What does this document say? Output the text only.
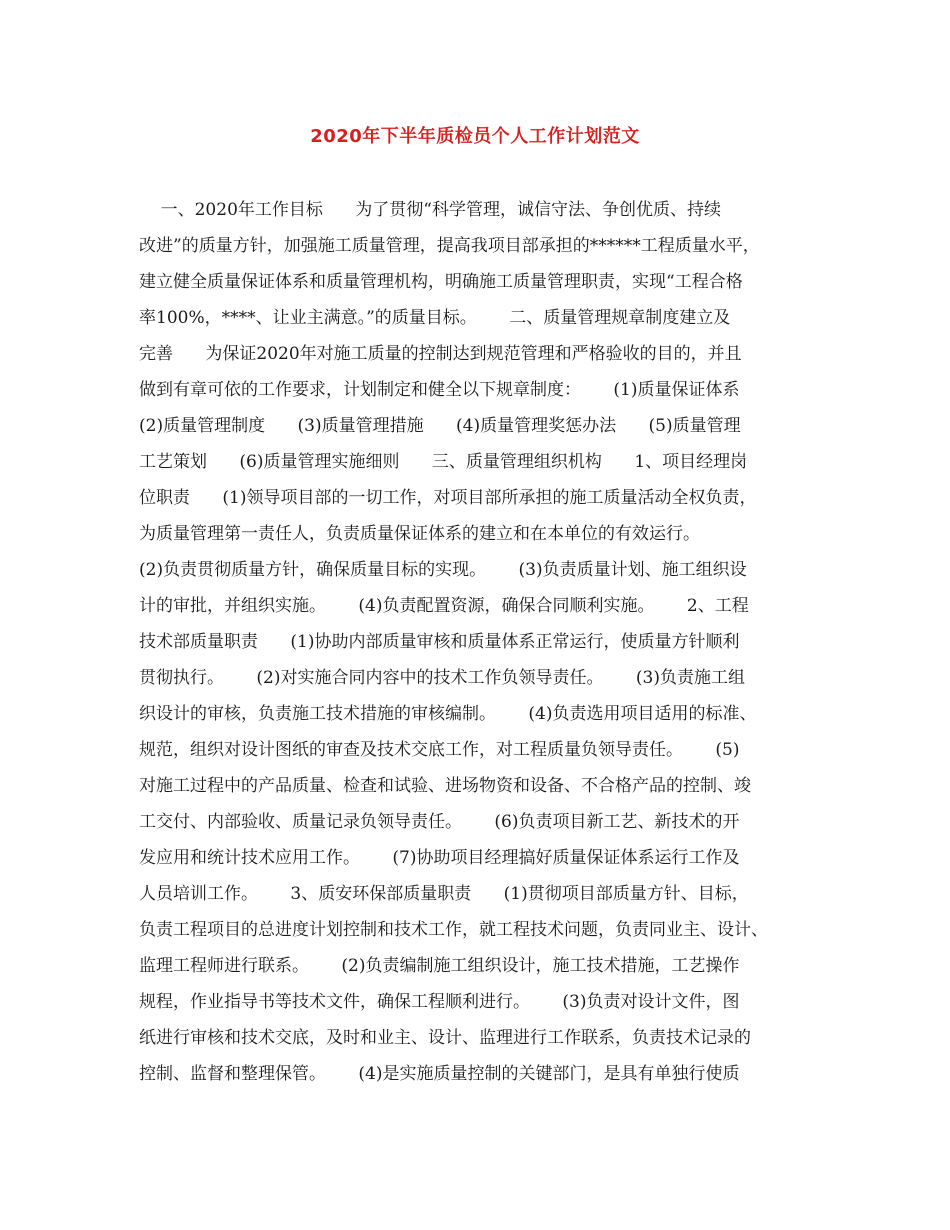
2020年下半年质检员个人工作计划范文
一、2020年工作目标      为了贯彻“科学管理，诚信守法、争创优质、持续
改进”的质量方针，加强施工质量管理，提高我项目部承担的******工程质量水平，
建立健全质量保证体系和质量管理机构，明确施工质量管理职责，实现“工程合格
率100%，****、让业主满意。”的质量目标。      二、质量管理规章制度建立及
完善      为保证2020年对施工质量的控制达到规范管理和严格验收的目的，并且
做到有章可依的工作要求，计划制定和健全以下规章制度：      (1)质量保证体系
(2)质量管理制度      (3)质量管理措施      (4)质量管理奖惩办法      (5)质量管理
工艺策划      (6)质量管理实施细则      三、质量管理组织机构      1、项目经理岗
位职责      (1)领导项目部的一切工作，对项目部所承担的施工质量活动全权负责，
为质量管理第一责任人，负责质量保证体系的建立和在本单位的有效运行。
(2)负责贯彻质量方针，确保质量目标的实现。      (3)负责质量计划、施工组织设
计的审批，并组织实施。      (4)负责配置资源，确保合同顺利实施。      2、工程
技术部质量职责      (1)协助内部质量审核和质量体系正常运行，使质量方针顺利
贯彻执行。      (2)对实施合同内容中的技术工作负领导责任。      (3)负责施工组
织设计的审核，负责施工技术措施的审核编制。      (4)负责选用项目适用的标准、
规范，组织对设计图纸的审查及技术交底工作，对工程质量负领导责任。      (5)
对施工过程中的产品质量、检查和试验、进场物资和设备、不合格产品的控制、竣
工交付、内部验收、质量记录负领导责任。      (6)负责项目新工艺、新技术的开
发应用和统计技术应用工作。      (7)协助项目经理搞好质量保证体系运行工作及
人员培训工作。      3、质安环保部质量职责      (1)贯彻项目部质量方针、目标，
负责工程项目的总进度计划控制和技术工作，就工程技术问题，负责同业主、设计、
监理工程师进行联系。      (2)负责编制施工组织设计，施工技术措施，工艺操作
规程，作业指导书等技术文件，确保工程顺利进行。      (3)负责对设计文件，图
纸进行审核和技术交底，及时和业主、设计、监理进行工作联系，负责技术记录的
控制、监督和整理保管。      (4)是实施质量控制的关键部门，是具有单独行使质
